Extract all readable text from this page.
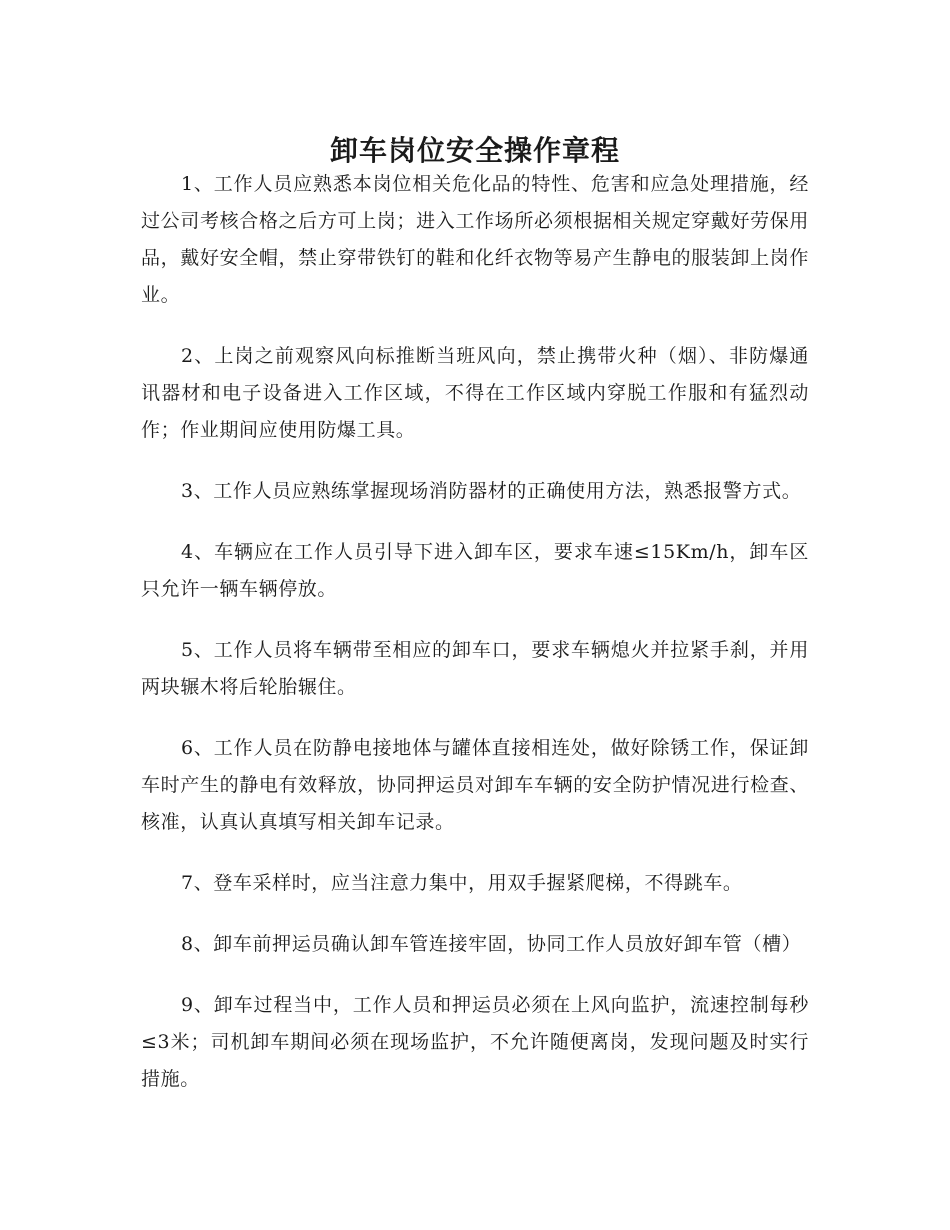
卸车岗位安全操作章程

1、工作人员应熟悉本岗位相关危化品的特性、危害和应急处理措施，经过公司考核合格之后方可上岗；进入工作场所必须根据相关规定穿戴好劳保用品，戴好安全帽，禁止穿带铁钉的鞋和化纤衣物等易产生静电的服装卸上岗作业。

2、上岗之前观察风向标推断当班风向，禁止携带火种（烟）、非防爆通讯器材和电子设备进入工作区域，不得在工作区域内穿脱工作服和有猛烈动作；作业期间应使用防爆工具。

3、工作人员应熟练掌握现场消防器材的正确使用方法，熟悉报警方式。

4、车辆应在工作人员引导下进入卸车区，要求车速≤15Km/h，卸车区只允许一辆车辆停放。

5、工作人员将车辆带至相应的卸车口，要求车辆熄火并拉紧手刹，并用两块辗木将后轮胎辗住。

6、工作人员在防静电接地体与罐体直接相连处，做好除锈工作，保证卸车时产生的静电有效释放，协同押运员对卸车车辆的安全防护情况进行检查、核准，认真认真填写相关卸车记录。

7、登车采样时，应当注意力集中，用双手握紧爬梯，不得跳车。

8、卸车前押运员确认卸车管连接牢固，协同工作人员放好卸车管（槽）

9、卸车过程当中，工作人员和押运员必须在上风向监护，流速控制每秒≤3米；司机卸车期间必须在现场监护，不允许随便离岗，发现问题及时实行措施。
